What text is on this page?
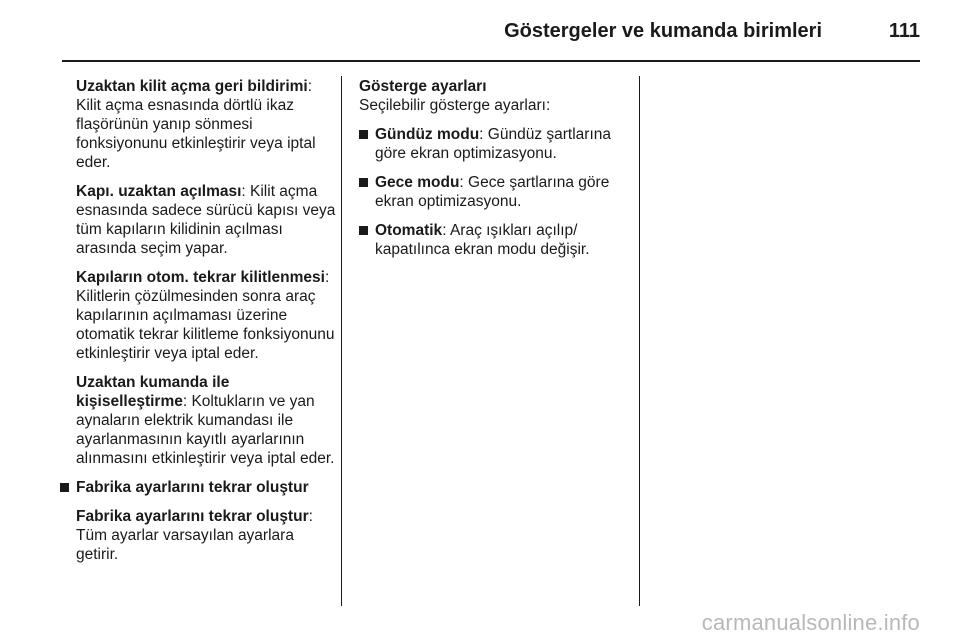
Göstergeler ve kumanda birimleri	111

Uzaktan kilit açma geri bildirimi: Kilit açma esnasında dörtlü ikaz flaşörünün yanıp sönmesi fonksiyonunu etkinleştirir veya iptal eder.

Kapı. uzaktan açılması: Kilit açma esnasında sadece sürücü kapısı veya tüm kapıların kilidinin açılması arasında seçim yapar.

Kapıların otom. tekrar kilitlenmesi: Kilitlerin çözülmesinden sonra araç kapılarının açılmaması üzerine otomatik tekrar kilitleme fonksiyonunu etkinleştirir veya iptal eder.

Uzaktan kumanda ile kişiselleştirme: Koltukların ve yan aynaların elektrik kumandası ile ayarlanmasının kayıtlı ayarlarının alınmasını etkinleştirir veya iptal eder.

Fabrika ayarlarını tekrar oluştur

Fabrika ayarlarını tekrar oluştur: Tüm ayarlar varsayılan ayarlara getirir.

Gösterge ayarları

Seçilebilir gösterge ayarları:

Gündüz modu: Gündüz şartlarına göre ekran optimizasyonu.
Gece modu: Gece şartlarına göre ekran optimizasyonu.
Otomatik: Araç ışıkları açılıp/ kapatılınca ekran modu değişir.
carmanualsonline.info
